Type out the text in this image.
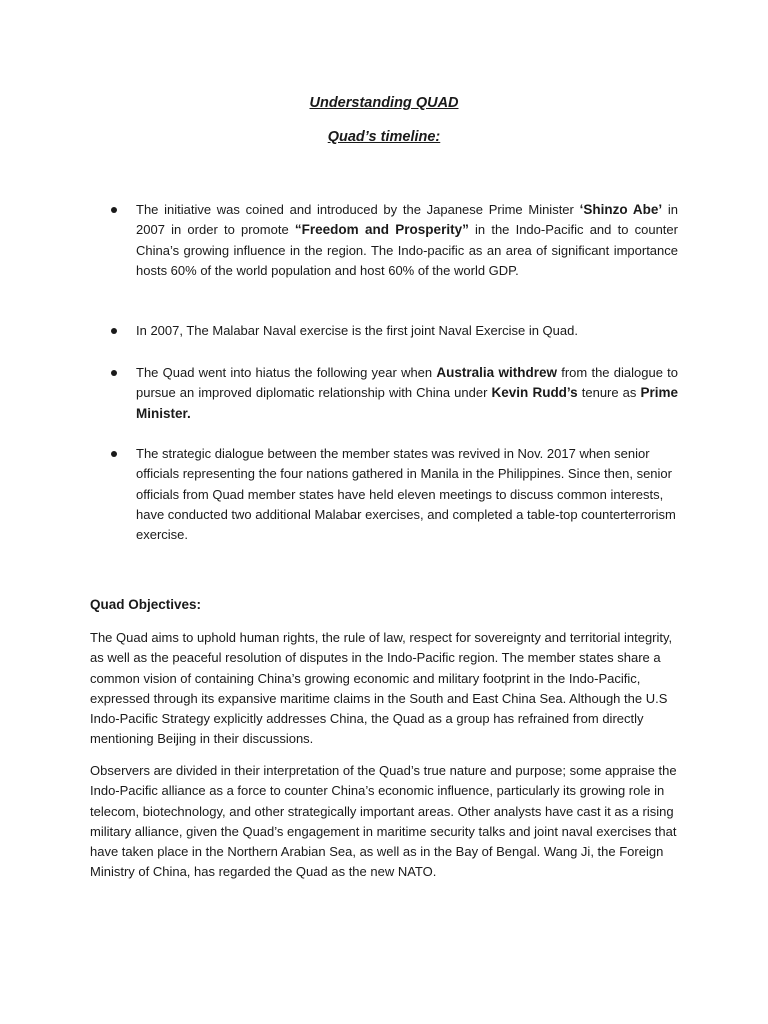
Understanding QUAD
Quad’s timeline:
The initiative was coined and introduced by the Japanese Prime Minister ‘Shinzo Abe’ in 2007 in order to promote “Freedom and Prosperity” in the Indo-Pacific and to counter China’s growing influence in the region. The Indo-pacific as an area of significant importance hosts 60% of the world population and host 60% of the world GDP.
In 2007, The Malabar Naval exercise is the first joint Naval Exercise in Quad.
The Quad went into hiatus the following year when Australia withdrew from the dialogue to pursue an improved diplomatic relationship with China under Kevin Rudd’s tenure as Prime Minister.
The strategic dialogue between the member states was revived in Nov. 2017 when senior officials representing the four nations gathered in Manila in the Philippines. Since then, senior officials from Quad member states have held eleven meetings to discuss common interests, have conducted two additional Malabar exercises, and completed a table-top counterterrorism exercise.
Quad Objectives:
The Quad aims to uphold human rights, the rule of law, respect for sovereignty and territorial integrity, as well as the peaceful resolution of disputes in the Indo-Pacific region. The member states share a common vision of containing China’s growing economic and military footprint in the Indo-Pacific, expressed through its expansive maritime claims in the South and East China Sea. Although the U.S Indo-Pacific Strategy explicitly addresses China, the Quad as a group has refrained from directly mentioning Beijing in their discussions.
Observers are divided in their interpretation of the Quad’s true nature and purpose; some appraise the Indo-Pacific alliance as a force to counter China’s economic influence, particularly its growing role in telecom, biotechnology, and other strategically important areas. Other analysts have cast it as a rising military alliance, given the Quad’s engagement in maritime security talks and joint naval exercises that have taken place in the Northern Arabian Sea, as well as in the Bay of Bengal. Wang Ji, the Foreign Ministry of China, has regarded the Quad as the new NATO.
